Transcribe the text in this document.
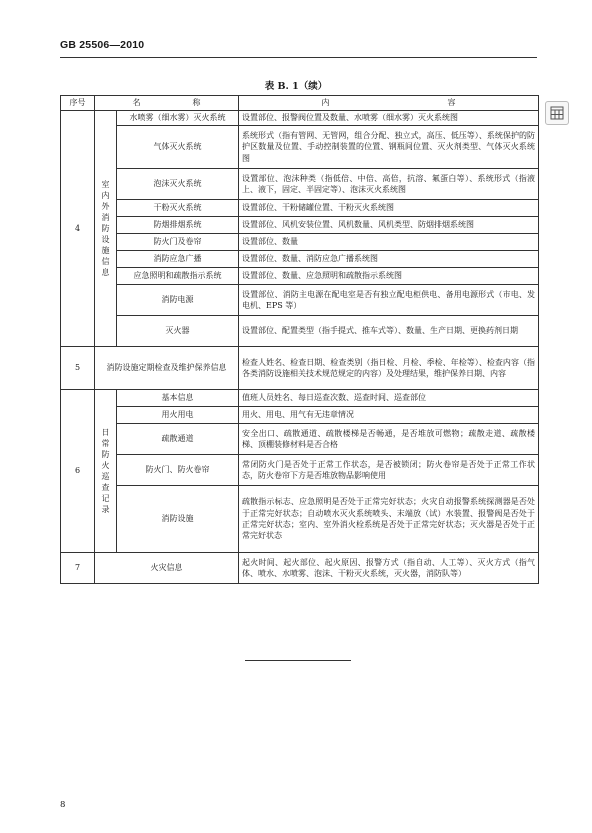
GB 25506—2010
表 B. 1（续）
序号	名　称		内　　容
4	室内外消防设施信息	水喷雾（细水雾）灭火系统	设置部位、报警阀位置及数量、水喷雾（细水雾）灭火系统图
		气体灭火系统	系统形式（指有管网、无管网，组合分配、独立式，高压、低压等）、系统保护的防护区数量及位置、手动控制装置的位置、钢瓶间位置、灭火剂类型、气体灭火系统图
		泡沫灭火系统	设置部位、泡沫种类（指低倍、中倍、高倍，抗溶、氟蛋白等）、系统形式（指液上、液下，固定、半固定等）、泡沫灭火系统图
		干粉灭火系统	设置部位、干粉储罐位置、干粉灭火系统图
		防烟排烟系统	设置部位、风机安装位置、风机数量、风机类型、防烟排烟系统图
		防火门及卷帘	设置部位、数量
		消防应急广播	设置部位、数量、消防应急广播系统图
		应急照明和疏散指示系统	设置部位、数量、应急照明和疏散指示系统图
		消防电源	设置部位、消防主电源在配电室是否有独立配电柜供电、备用电源形式（市电、发电机、EPS 等）
		灭火器	设置部位、配置类型（指手提式、推车式等）、数量、生产日期、更换药剂日期
5	消防设施定期检查及维护保养信息		检查人姓名、检查日期、检查类别（指日检、月检、季检、年检等）、检查内容（指各类消防设施相关技术规范规定的内容）及处理结果，维护保养日期、内容
6	日常防火巡查记录	基本信息	值班人员姓名、每日巡查次数、巡查时间、巡查部位
		用火用电	用火、用电、用气有无违章情况
		疏散通道	安全出口、疏散通道、疏散楼梯是否畅通，是否堆放可燃物；疏散走道、疏散楼梯、顶棚装修材料是否合格
		防火门、防火卷帘	常闭防火门是否处于正常工作状态，是否被锁闭；防火卷帘是否处于正常工作状态，防火卷帘下方是否堆放物品影响使用
		消防设施	疏散指示标志、应急照明是否处于正常完好状态；火灾自动报警系统探测器是否处于正常完好状态；自动喷水灭火系统喷头、末端放（试）水装置、报警阀是否处于正常完好状态；室内、室外消火栓系统是否处于正常完好状态；灭火器是否处于正常完好状态
7	火灾信息		起火时间、起火部位、起火原因、报警方式（指自动、人工等）、灭火方式（指气体、喷水、水喷雾、泡沫、干粉灭火系统，灭火器，消防队等）
8
